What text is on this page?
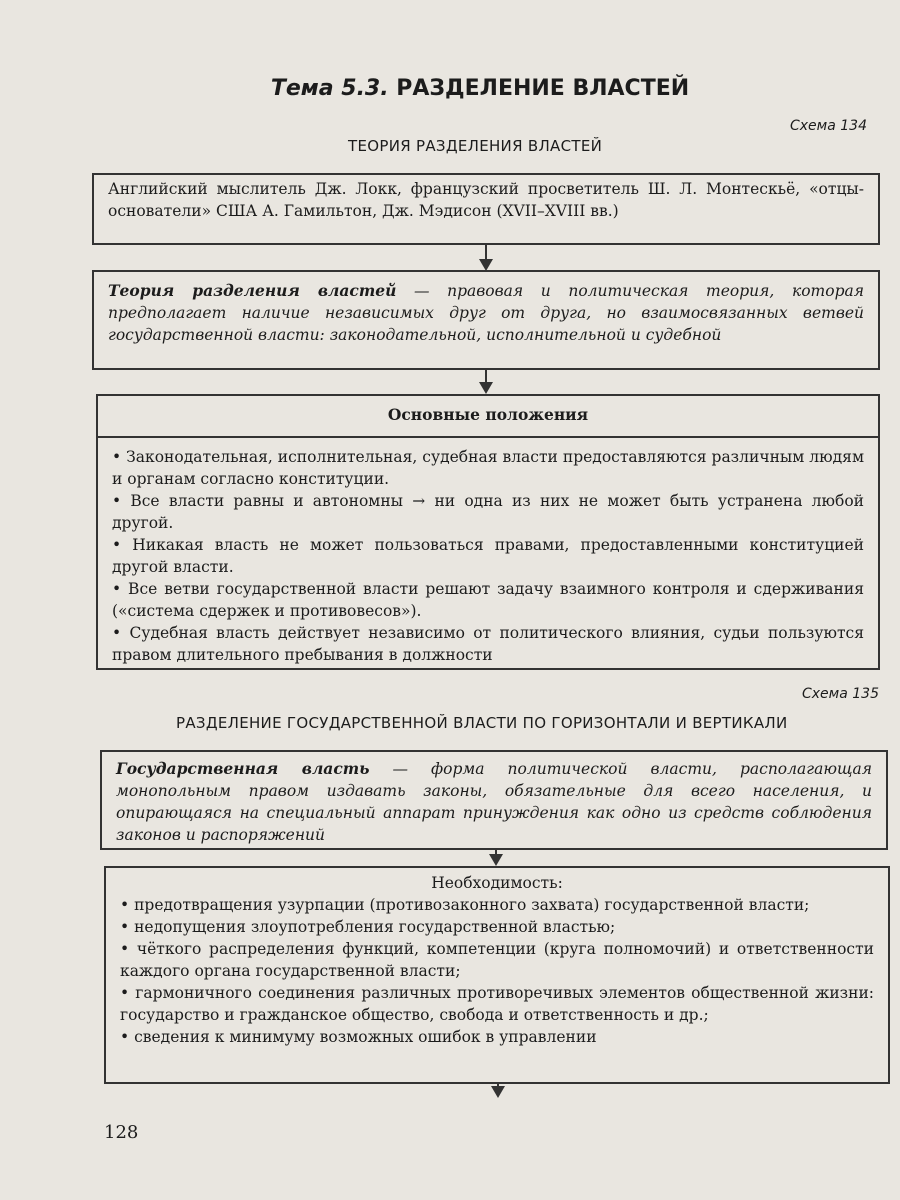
Тема 5.3. РАЗДЕЛЕНИЕ ВЛАСТЕЙ
Схема 134
ТЕОРИЯ РАЗДЕЛЕНИЯ ВЛАСТЕЙ
Английский мыслитель Дж. Локк, французский просветитель Ш. Л. Монтескьё, «отцы-основатели» США А. Гамильтон, Дж. Мэдисон (XVII–XVIII вв.)
Теория разделения властей — правовая и политическая теория, которая предполагает наличие независимых друг от друга, но взаимосвязанных ветвей государственной власти: законодательной, исполнительной и судебной
Основные положения

• Законодательная, исполнительная, судебная власти предоставляются различным людям и органам согласно конституции.

• Все власти равны и автономны → ни одна из них не может быть устранена любой другой.

• Никакая власть не может пользоваться правами, предоставленными конституцией другой власти.

• Все ветви государственной власти решают задачу взаимного контроля и сдерживания («система сдержек и противовесов»).

• Судебная власть действует независимо от политического влияния, судьи пользуются правом длительного пребывания в должности

Схема 135
РАЗДЕЛЕНИЕ ГОСУДАРСТВЕННОЙ ВЛАСТИ ПО ГОРИЗОНТАЛИ И ВЕРТИКАЛИ
Государственная власть — форма политической власти, располагающая монопольным правом издавать законы, обязательные для всего населения, и опирающаяся на специальный аппарат принуждения как одно из средств соблюдения законов и распоряжений
Необходимость:

• предотвращения узурпации (противозаконного захвата) государственной власти;

• недопущения злоупотребления государственной властью;

• чёткого распределения функций, компетенции (круга полномочий) и ответственности каждого органа государственной власти;

• гармоничного соединения различных противоречивых элементов общественной жизни: государство и гражданское общество, свобода и ответственность и др.;

• сведения к минимуму возможных ошибок в управлении

128
